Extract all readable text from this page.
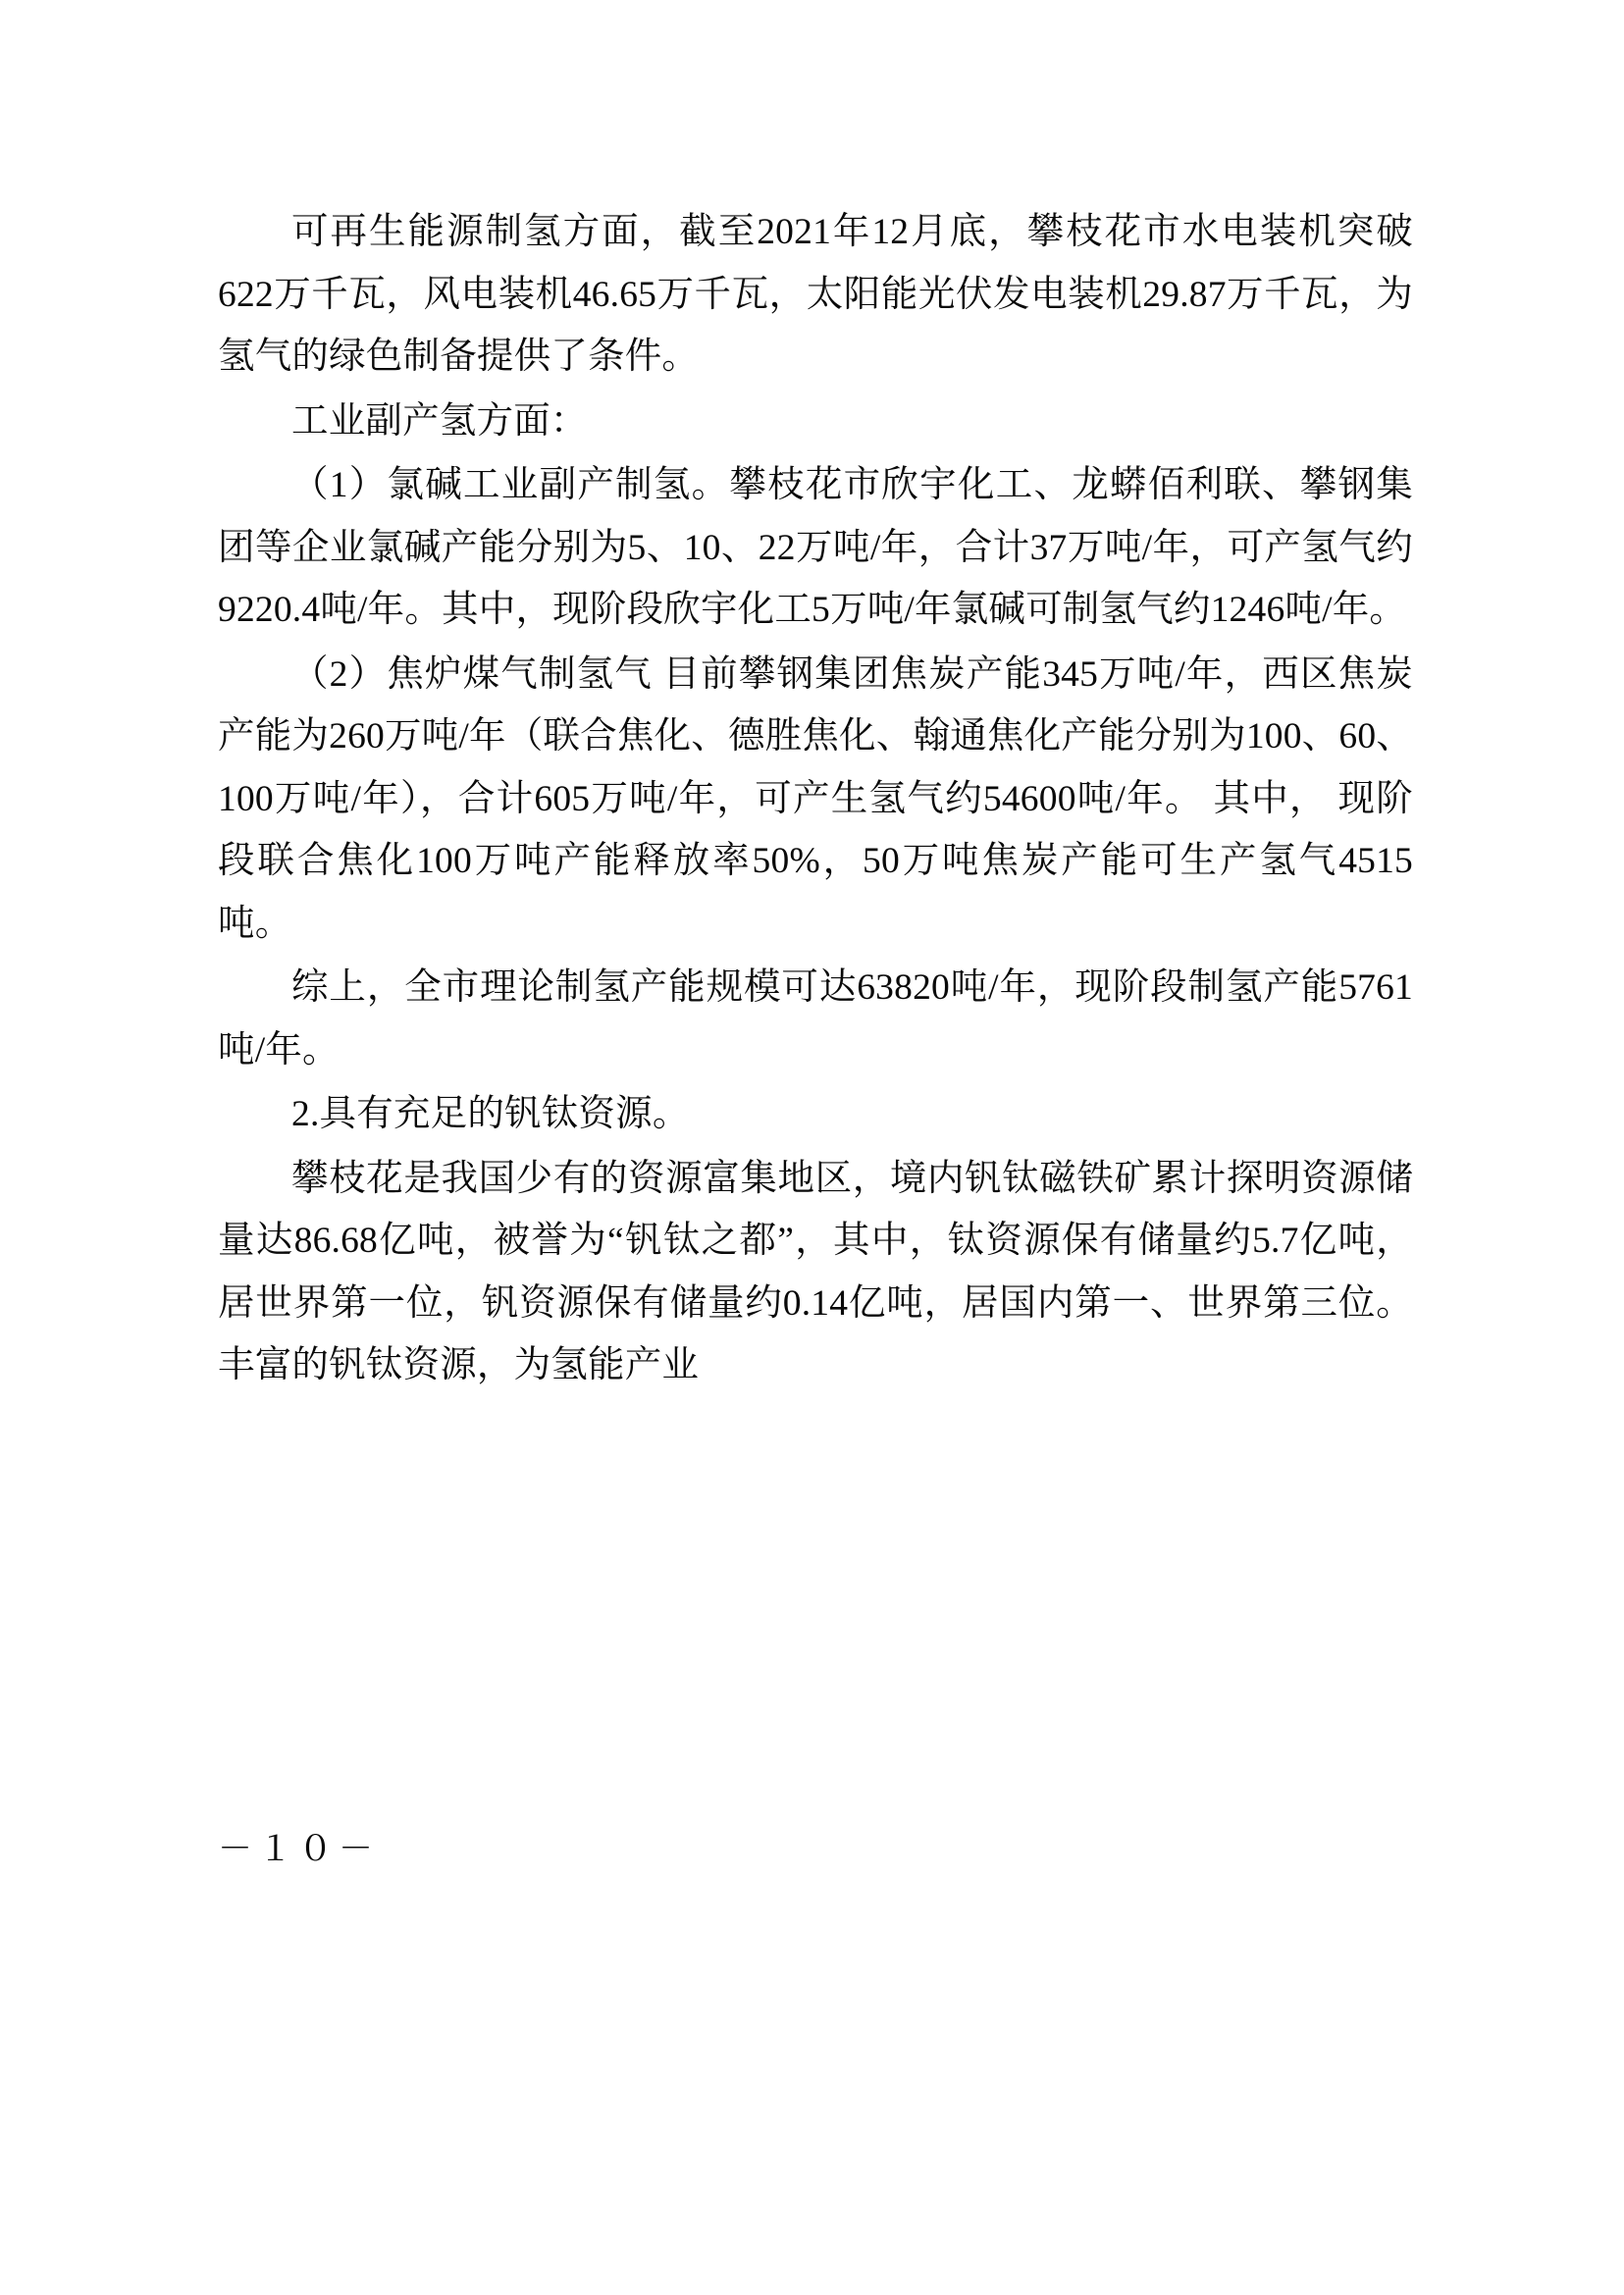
可再生能源制氢方面，截至2021年12月底，攀枝花市水电装机突破622万千瓦，风电装机46.65万千瓦，太阳能光伏发电装机29.87万千瓦，为氢气的绿色制备提供了条件。

工业副产氢方面：

（1）氯碱工业副产制氢。攀枝花市欣宇化工、龙蟒佰利联、攀钢集团等企业氯碱产能分别为5、10、22万吨/年，合计37万吨/年，可产氢气约9220.4吨/年。其中，现阶段欣宇化工5万吨/年氯碱可制氢气约1246吨/年。

（2）焦炉煤气制氢气 目前攀钢集团焦炭产能345万吨/年，西区焦炭产能为260万吨/年（联合焦化、德胜焦化、翰通焦化产能分别为100、60、100万吨/年），合计605万吨/年，可产生氢气约54600吨/年。 其中， 现阶段联合焦化100万吨产能释放率50%，50万吨焦炭产能可生产氢气4515吨。

综上，全市理论制氢产能规模可达63820吨/年，现阶段制氢产能5761吨/年。

2.具有充足的钒钛资源。

攀枝花是我国少有的资源富集地区，境内钒钛磁铁矿累计探明资源储量达86.68亿吨，被誉为“钒钛之都”，其中，钛资源保有储量约5.7亿吨，居世界第一位，钒资源保有储量约0.14亿吨，居国内第一、世界第三位。丰富的钒钛资源，为氢能产业

－１０－
